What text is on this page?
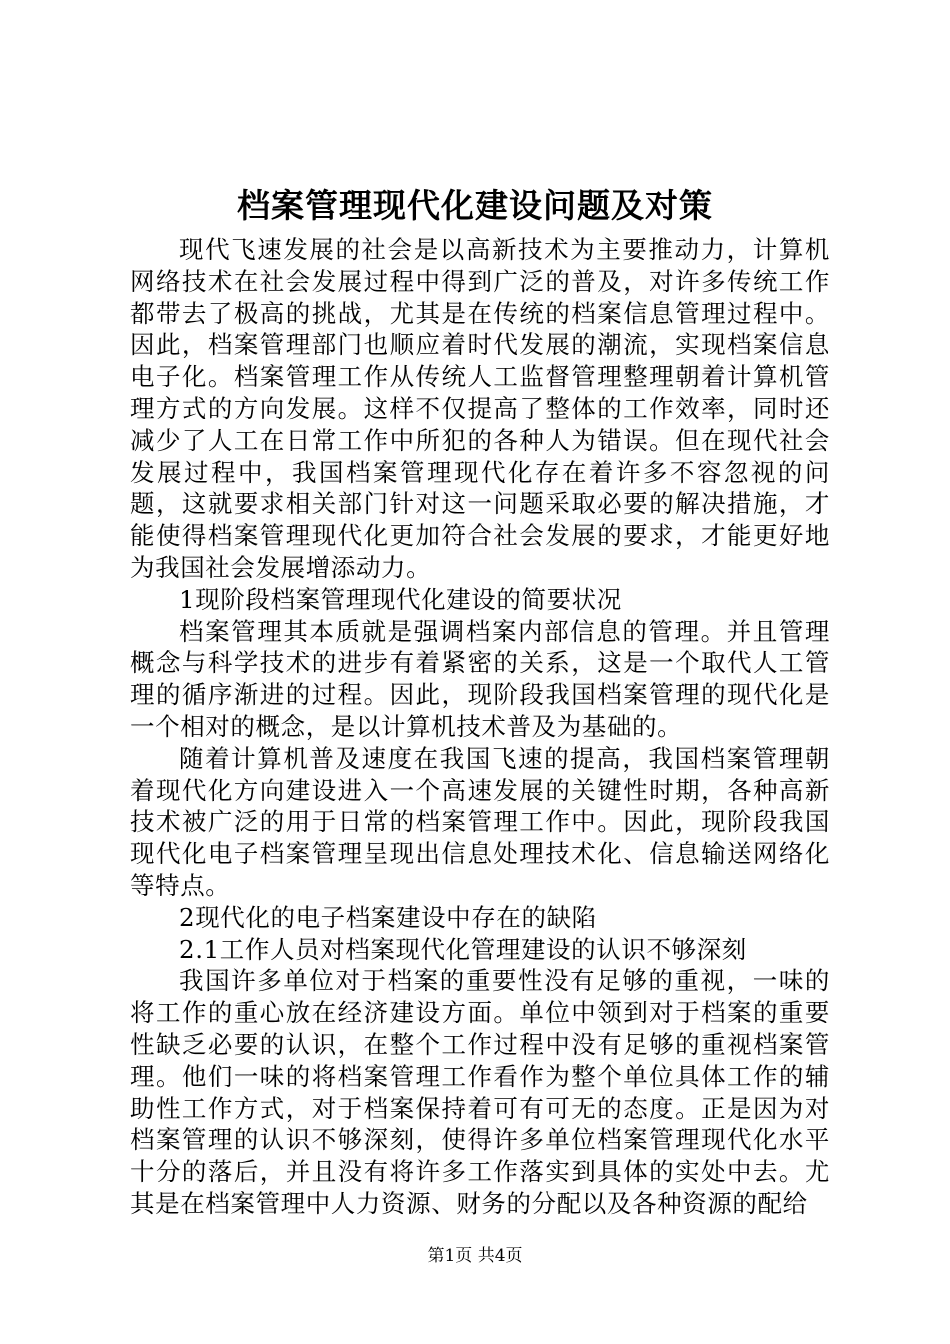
档案管理现代化建设问题及对策

现代飞速发展的社会是以高新技术为主要推动力，计算机网络技术在社会发展过程中得到广泛的普及，对许多传统工作都带去了极高的挑战，尤其是在传统的档案信息管理过程中。因此，档案管理部门也顺应着时代发展的潮流，实现档案信息电子化。档案管理工作从传统人工监督管理整理朝着计算机管理方式的方向发展。这样不仅提高了整体的工作效率，同时还减少了人工在日常工作中所犯的各种人为错误。但在现代社会发展过程中，我国档案管理现代化存在着许多不容忽视的问题，这就要求相关部门针对这一问题采取必要的解决措施，才能使得档案管理现代化更加符合社会发展的要求，才能更好地为我国社会发展增添动力。

1现阶段档案管理现代化建设的简要状况

档案管理其本质就是强调档案内部信息的管理。并且管理概念与科学技术的进步有着紧密的关系，这是一个取代人工管理的循序渐进的过程。因此，现阶段我国档案管理的现代化是一个相对的概念，是以计算机技术普及为基础的。

随着计算机普及速度在我国飞速的提高，我国档案管理朝着现代化方向建设进入一个高速发展的关键性时期，各种高新技术被广泛的用于日常的档案管理工作中。因此，现阶段我国现代化电子档案管理呈现出信息处理技术化、信息输送网络化等特点。

2现代化的电子档案建设中存在的缺陷

2.1工作人员对档案现代化管理建设的认识不够深刻

我国许多单位对于档案的重要性没有足够的重视，一味的将工作的重心放在经济建设方面。单位中领到对于档案的重要性缺乏必要的认识，在整个工作过程中没有足够的重视档案管理。他们一味的将档案管理工作看作为整个单位具体工作的辅助性工作方式，对于档案保持着可有可无的态度。正是因为对档案管理的认识不够深刻，使得许多单位档案管理现代化水平十分的落后，并且没有将许多工作落实到具体的实处中去。尤其是在档案管理中人力资源、财务的分配以及各种资源的配给

第1页 共4页
